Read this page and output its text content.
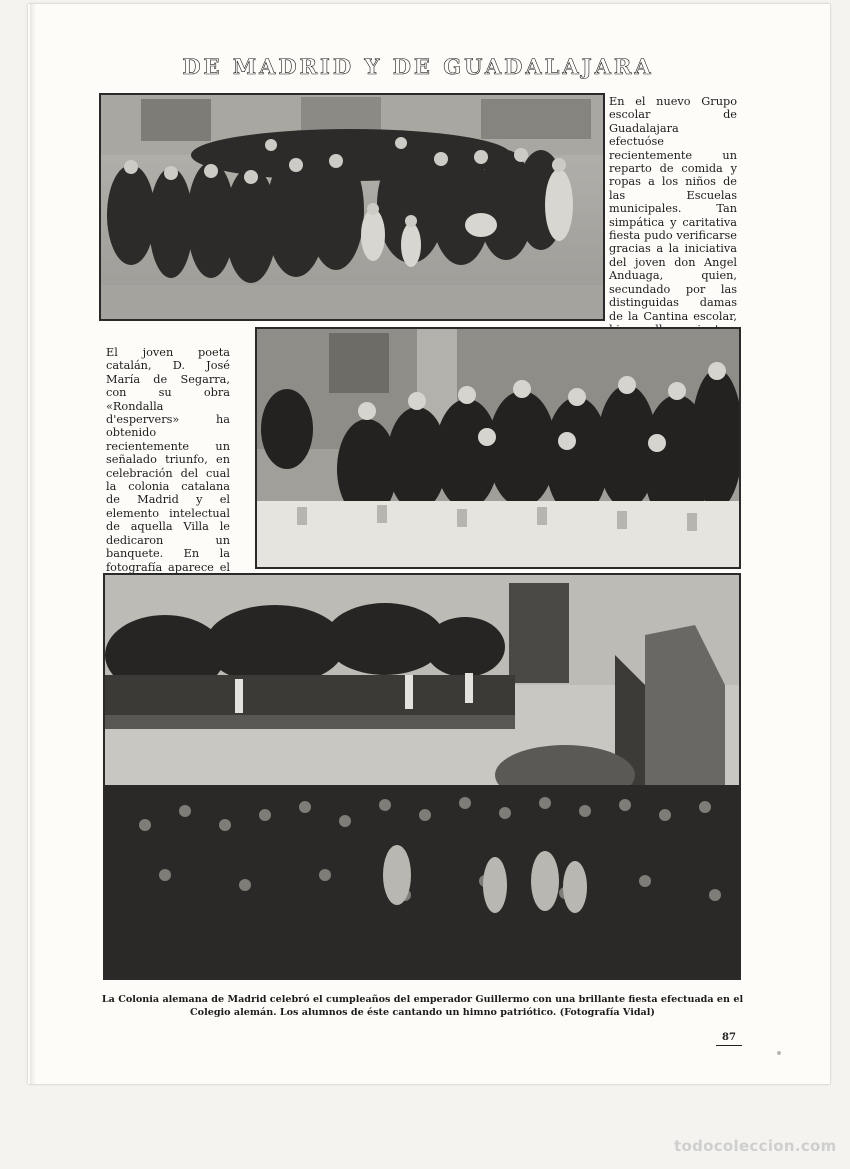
DE MADRID Y DE GUADALAJARA
En el nuevo Grupo escolar de Guadalajara efectuóse recientemente un reparto de comida y ropas a los niños de las Escuelas municipales. Tan simpática y caritativa fiesta pudo verificarse gracias a la iniciativa del joven don Angel Anduaga, quien, secundado por las distinguidas damas de la Cantina escolar,
El joven poeta catalán, D. José María de Segarra, con su obra «Rondalla d'espervers» ha obtenido recientemente un señalado triunfo, en celebración del cual la colonia catalana de Madrid y el elemento intelectual de aquella Villa le dedicaron un banquete. En la fotografía aparece el
La Colonia alemana de Madrid celebró el cumpleaños del emperador Guillermo con una brillante fiesta efectuada en el Colegio alemán. Los alumnos de éste cantando un himno patriótico. (Fotografía Vidal)
87
todocoleccion.com
